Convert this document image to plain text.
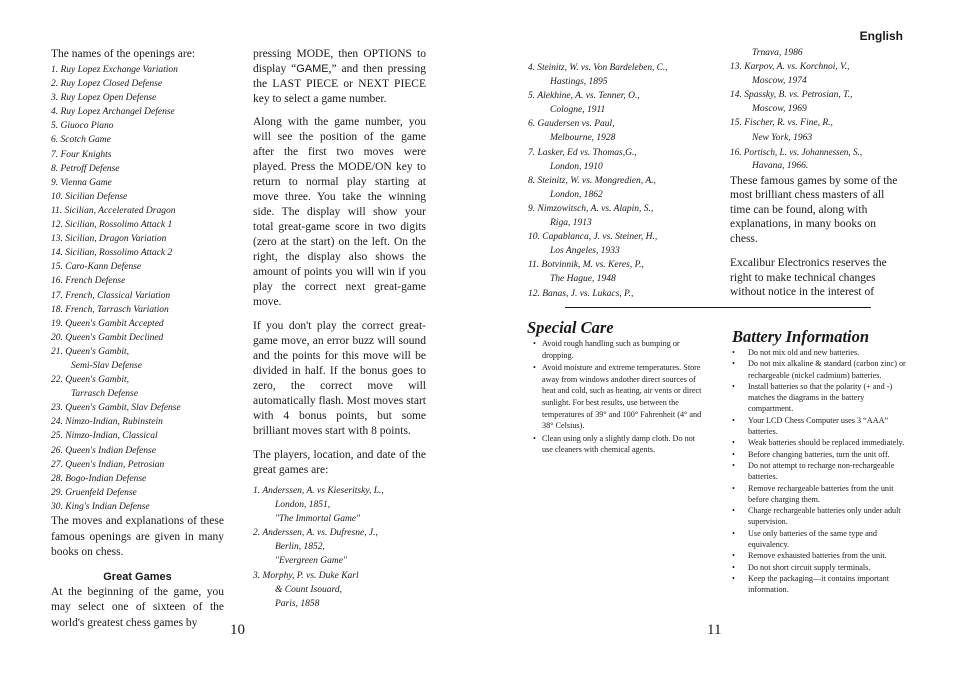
English

The names of the openings are:

1. Ruy Lopez Exchange Variation
2. Ruy Lopez Closed Defense
3. Ruy Lopez Open Defense
4. Ruy Lopez Archangel Defense
5. Giuoco Piano
6. Scotch Game
7. Four Knights
8. Petroff Defense
9. Vienna Game
10. Sicilian Defense
11. Sicilian, Accelerated Dragon
12. Sicilian, Rossolimo Attack 1
13. Sicilian, Dragon Variation
14. Sicilian, Rossolimo Attack 2
15. Caro-Kann Defense
16. French Defense
17. French, Classical Variation
18. French, Tarrasch Variation
19. Queen's Gambit Accepted
20. Queen's Gambit Declined
21. Queen's Gambit,
Semi-Slav Defense
22. Queen's Gambit,
Tarrasch Defense
23. Queen's Gambit, Slav Defense
24. Nimzo-Indian, Rubinstein
25. Nimzo-Indian, Classical
26. Queen's Indian Defense
27. Queen's Indian, Petrosian
28. Bogo-Indian Defense
29. Gruenfeld Defense
30. King's Indian Defense

The moves and explanations of these famous openings are given in many books on chess.

Great Games

At the beginning of the game, you may select one of sixteen of the world's greatest chess games by

pressing MODE, then OPTIONS to display “GAME,” and then pressing the LAST PIECE or NEXT PIECE key to select a game number.

Along with the game number, you will see the position of the game after the first two moves were played. Press the MODE/ON key to return to normal play starting at move three. You take the winning side. The display will show your total great-game score in two digits (zero at the start) on the left. On the right, the display also shows the amount of points you will win if you play the correct next great-game move.

If you don't play the correct great-game move, an error buzz will sound and the points for this move will be divided in half. If the bonus goes to zero, the correct move will automatically flash. Most moves start with 4 bonus points, but some brilliant moves start with 8 points.

The players, location, and date of the great games are:

1. Anderssen, A. vs Kieseritsky, L.,
London, 1851,
"The Immortal Game"
2. Anderssen, A. vs. Dufresne, J.,
Berlin, 1852,
"Evergreen Game"
3. Morphy, P. vs. Duke Karl
& Count Isouard,
Paris, 1858
10
4. Steinitz, W. vs. Von Bardeleben, C.,
Hastings, 1895
5. Alekhine, A. vs. Tenner, O.,
Cologne, 1911
6. Gaudersen vs. Paul,
Melbourne, 1928
7. Lasker, Ed vs. Thomas,G.,
London, 1910
8. Steinitz, W. vs. Mongredien, A.,
London, 1862
9. Nimzowitsch, A. vs. Alapin, S.,
Riga, 1913
10. Capablanca, J. vs. Steiner, H.,
Los Angeles, 1933
11. Botvinnik, M. vs. Keres, P.,
The Hague, 1948
12. Banas, J. vs. Lukacs, P.,
Trnava, 1986
13. Karpov, A. vs. Korchnoi, V.,
Moscow, 1974
14. Spassky, B. vs. Petrosian, T.,
Moscow, 1969
15. Fischer, R. vs. Fine, R.,
New York, 1963
16. Portisch, L. vs. Johannessen, S.,
Havana, 1966.

These famous games by some of the most brilliant chess masters of all time can be found, along with explanations, in many books on chess.

Excalibur Electronics reserves the right to make technical changes without notice in the interest of

Special Care
• Avoid rough handling such as bumping or dropping.
• Avoid moisture and extreme temperatures. Store away from windows andother direct sources of heat and cold, such as heating, air vents or direct sunlight. For best results, use between the temperatures of 39° and 100° Fahrenheit (4° and 38° Celsius).
• Clean using only a slightly damp cloth. Do not use cleaners with chemical agents.
Battery Information
• Do not mix old and new batteries.
• Do not mix alkaline & standard (carbon zinc) or rechargeable (nickel cadmium) batteries.
• Install batteries so that the polarity (+ and -) matches the diagrams in the battery compartment.
• Your LCD Chess Computer uses 3 “AAA” batteries.
• Weak batteries should be replaced immediately.
• Before changing batteries, turn the unit off.
• Do not attempt to recharge non-rechargeable batteries.
• Remove rechargeable batteries from the unit before charging them.
• Charge rechargeable batteries only under adult supervision.
• Use only batteries of the same type and equivalency.
• Remove exhausted batteries from the unit.
• Do not short circuit supply terminals.
• Keep the packaging—it contains important information.
11
